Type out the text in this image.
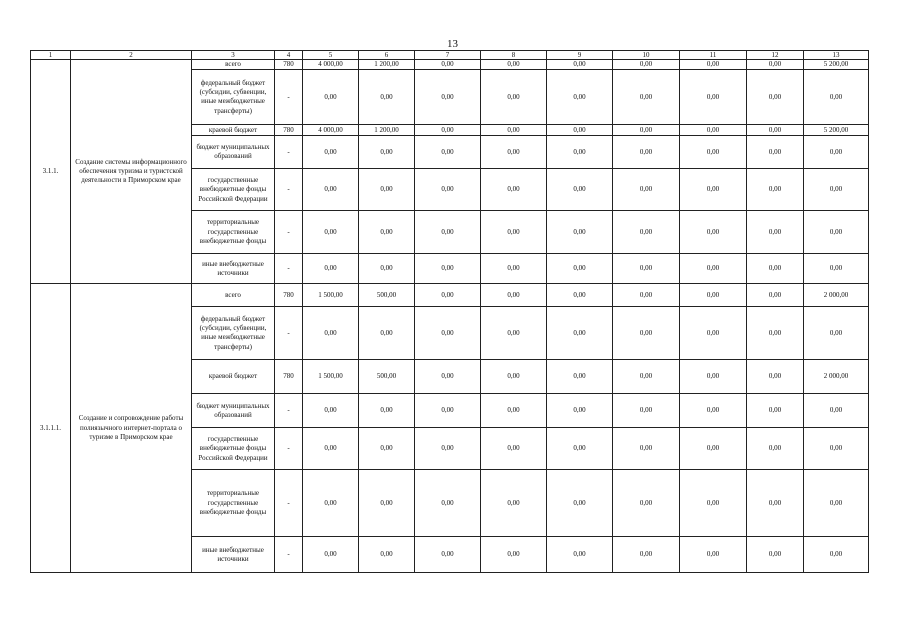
13
1	2	3	4	5	6	7	8	9	10	11	12	13
3.1.1.	Создание системы информационного обеспечения туризма и туристской деятельности в Приморском крае	всего	780	4 000,00	1 200,00	0,00	0,00	0,00	0,00	0,00	0,00	5 200,00
		федеральный бюджет (субсидии, субвенции, иные межбюджетные трансферты)	-	0,00	0,00	0,00	0,00	0,00	0,00	0,00	0,00	0,00
		краевой бюджет	780	4 000,00	1 200,00	0,00	0,00	0,00	0,00	0,00	0,00	5 200,00
		бюджет муниципальных образований	-	0,00	0,00	0,00	0,00	0,00	0,00	0,00	0,00	0,00
		государственные внебюджетные фонды Российской Федерации	-	0,00	0,00	0,00	0,00	0,00	0,00	0,00	0,00	0,00
		территориальные государственные внебюджетные фонды	-	0,00	0,00	0,00	0,00	0,00	0,00	0,00	0,00	0,00
		иные внебюджетные источники	-	0,00	0,00	0,00	0,00	0,00	0,00	0,00	0,00	0,00
3.1.1.1.	Создание и сопровождение работы полиязычного интернет-портала о туризме в Приморском крае	всего	780	1 500,00	500,00	0,00	0,00	0,00	0,00	0,00	0,00	2 000,00
		федеральный бюджет (субсидии, субвенции, иные межбюджетные трансферты)	-	0,00	0,00	0,00	0,00	0,00	0,00	0,00	0,00	0,00
		краевой бюджет	780	1 500,00	500,00	0,00	0,00	0,00	0,00	0,00	0,00	2 000,00
		бюджет муниципальных образований	-	0,00	0,00	0,00	0,00	0,00	0,00	0,00	0,00	0,00
		государственные внебюджетные фонды Российской Федерации	-	0,00	0,00	0,00	0,00	0,00	0,00	0,00	0,00	0,00
		территориальные государственные внебюджетные фонды	-	0,00	0,00	0,00	0,00	0,00	0,00	0,00	0,00	0,00
		иные внебюджетные источники	-	0,00	0,00	0,00	0,00	0,00	0,00	0,00	0,00	0,00
